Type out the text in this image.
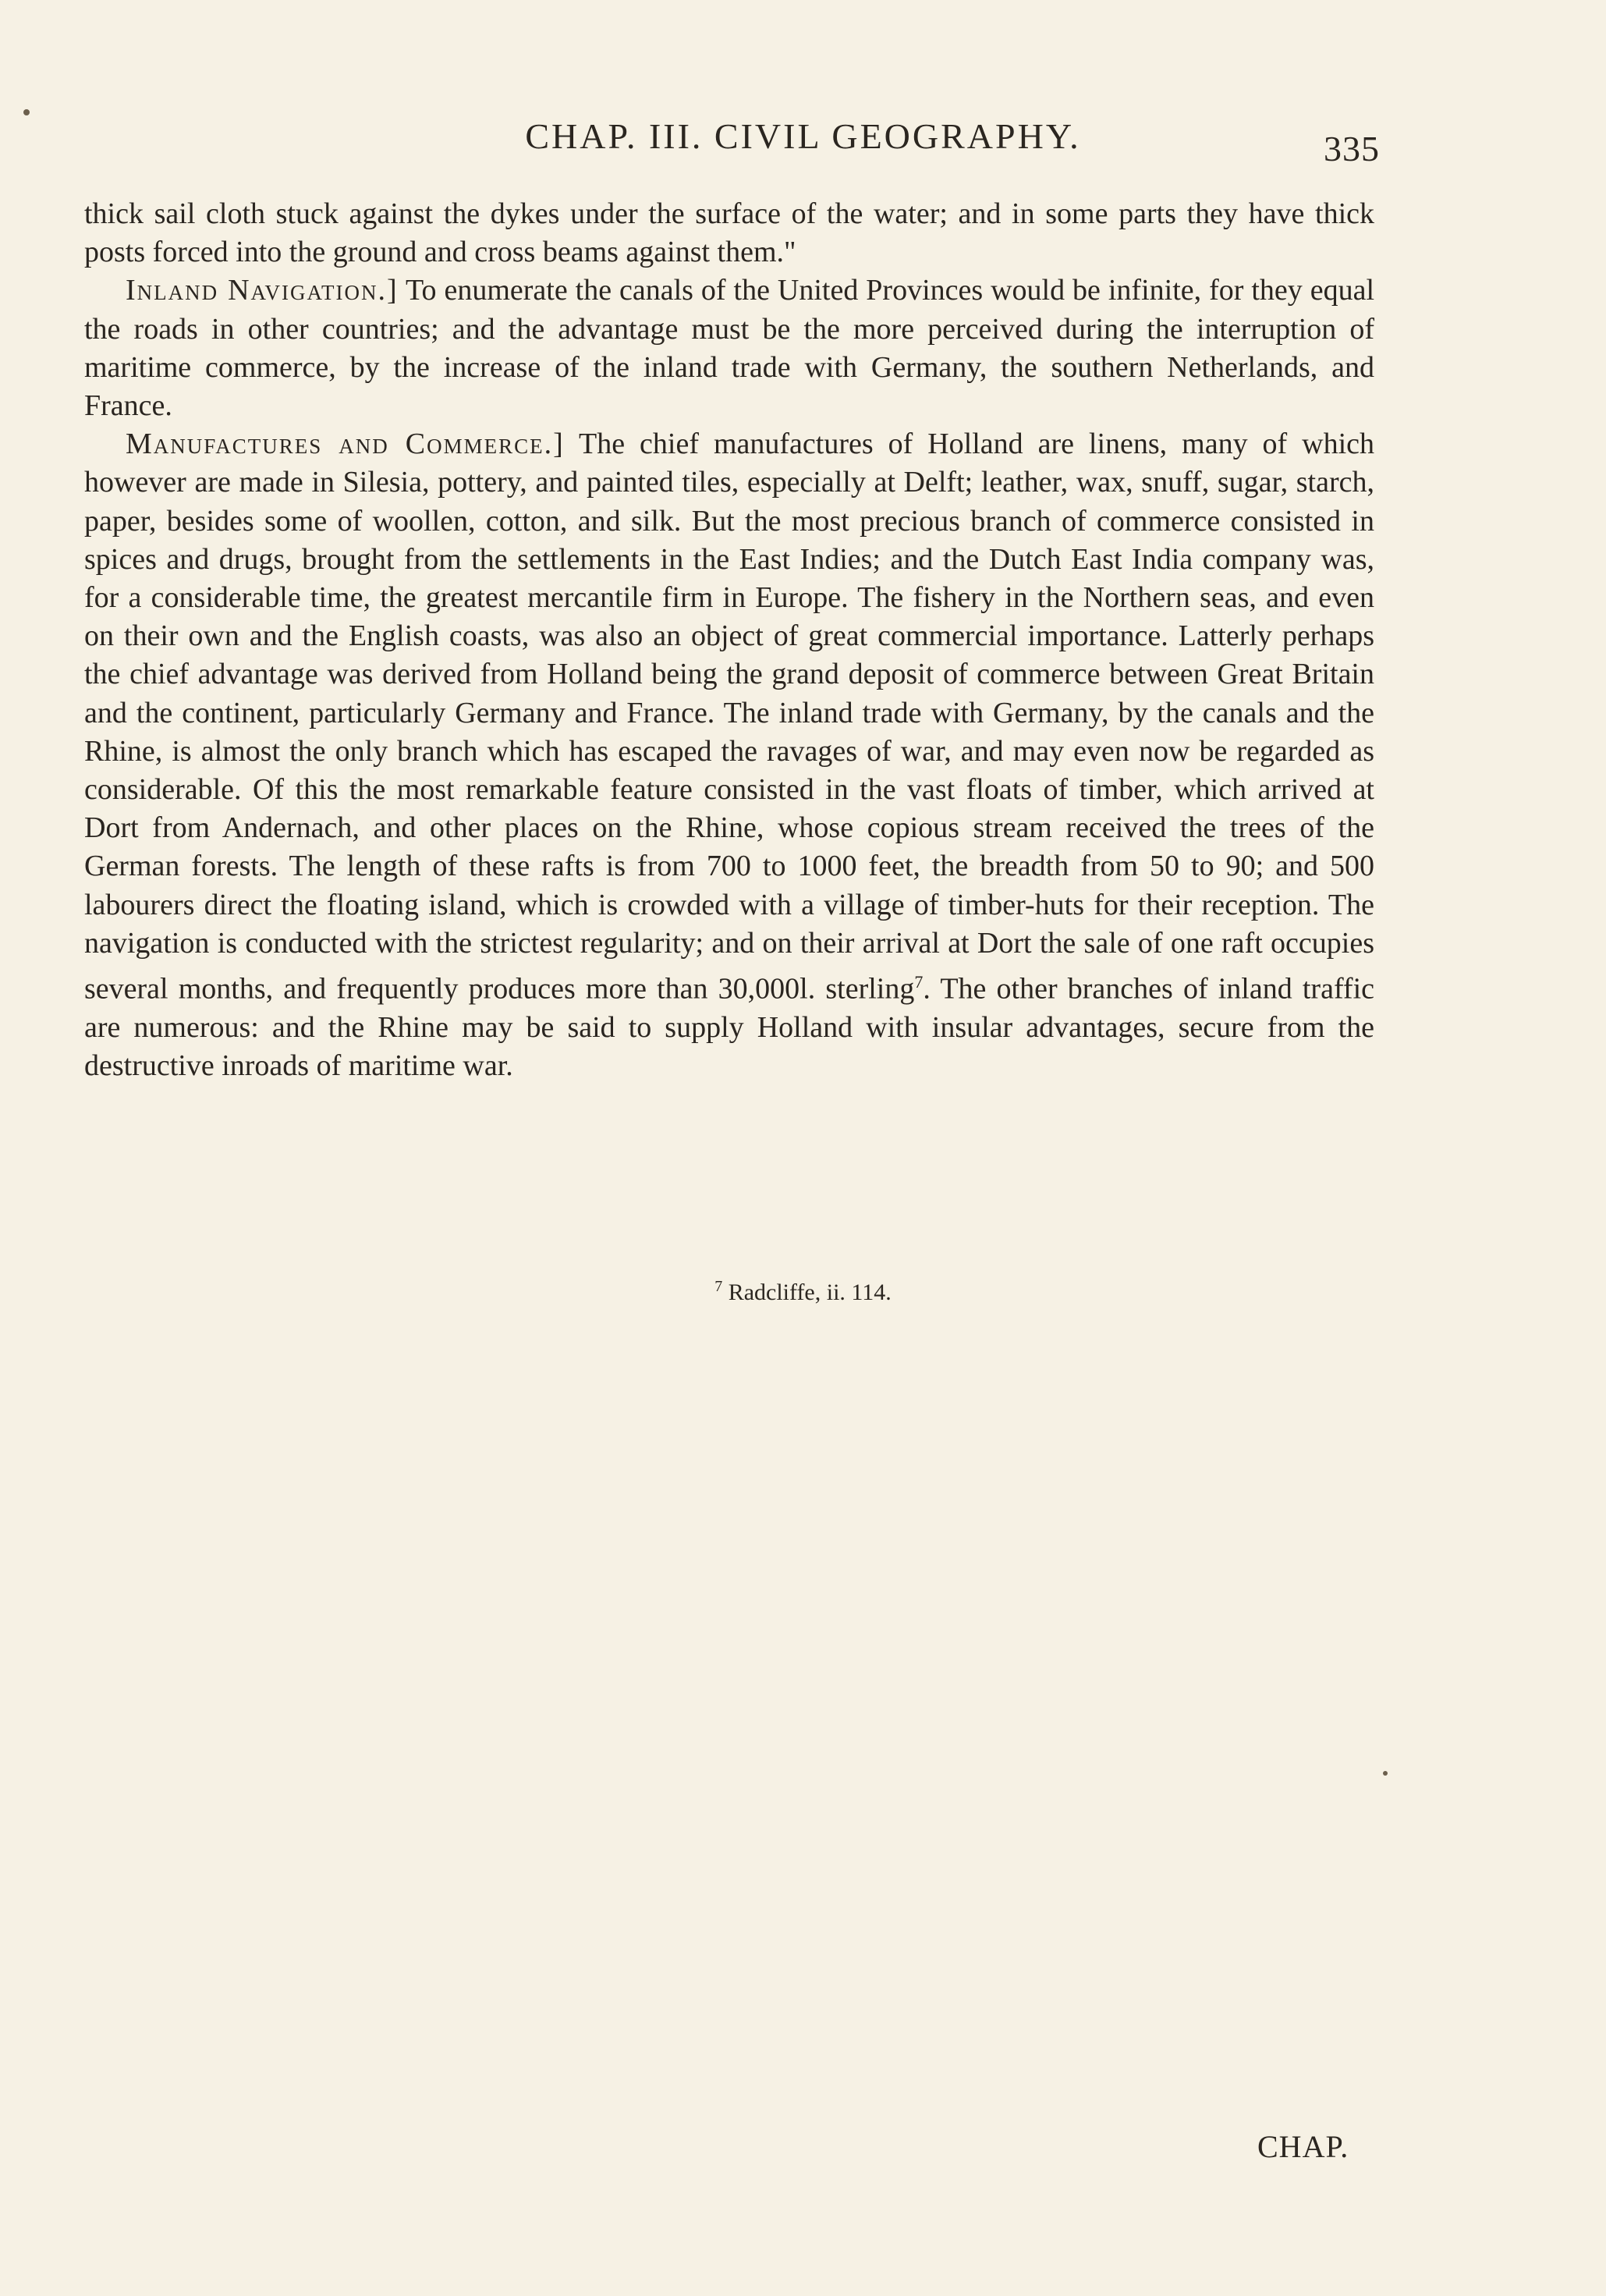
CHAP. III. CIVIL GEOGRAPHY.	335

thick sail cloth stuck against the dykes under the surface of the water; and in some parts they have thick posts forced into the ground and cross beams against them."

Inland Navigation.] To enumerate the canals of the United Provinces would be infinite, for they equal the roads in other countries; and the advantage must be the more perceived during the interruption of maritime commerce, by the increase of the inland trade with Germany, the southern Netherlands, and France.

Manufactures and Commerce.] The chief manufactures of Holland are linens, many of which however are made in Silesia, pottery, and painted tiles, especially at Delft; leather, wax, snuff, sugar, starch, paper, besides some of woollen, cotton, and silk. But the most precious branch of commerce consisted in spices and drugs, brought from the settlements in the East Indies; and the Dutch East India company was, for a considerable time, the greatest mercantile firm in Europe. The fishery in the Northern seas, and even on their own and the English coasts, was also an object of great commercial importance. Latterly perhaps the chief advantage was derived from Holland being the grand deposit of commerce between Great Britain and the continent, particularly Germany and France. The inland trade with Germany, by the canals and the Rhine, is almost the only branch which has escaped the ravages of war, and may even now be regarded as considerable. Of this the most remarkable feature consisted in the vast floats of timber, which arrived at Dort from Andernach, and other places on the Rhine, whose copious stream received the trees of the German forests. The length of these rafts is from 700 to 1000 feet, the breadth from 50 to 90; and 500 labourers direct the floating island, which is crowded with a village of timber-huts for their reception. The navigation is conducted with the strictest regularity; and on their arrival at Dort the sale of one raft occupies several months, and frequently produces more than 30,000l. sterling$^7$. The other branches of inland traffic are numerous: and the Rhine may be said to supply Holland with insular advantages, secure from the destructive inroads of maritime war.

$^7$ Radcliffe, ii. 114.
CHAP.
